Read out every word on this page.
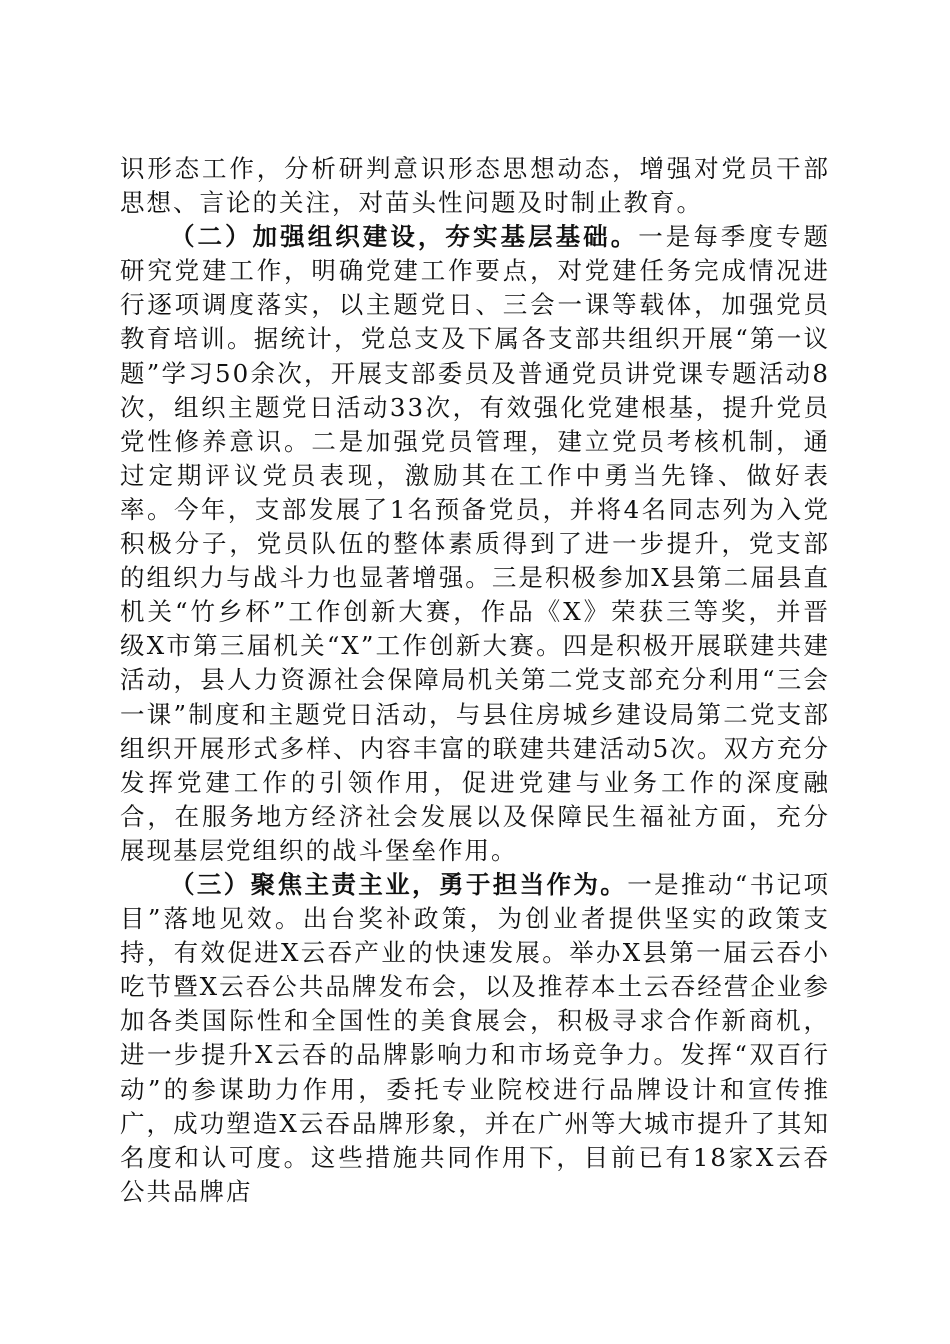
识形态工作，分析研判意识形态思想动态，增强对党员干部思想、言论的关注，对苗头性问题及时制止教育。

（二）加强组织建设，夯实基层基础。一是每季度专题研究党建工作，明确党建工作要点，对党建任务完成情况进行逐项调度落实，以主题党日、三会一课等载体，加强党员教育培训。据统计，党总支及下属各支部共组织开展“第一议题”学习50余次，开展支部委员及普通党员讲党课专题活动8次，组织主题党日活动33次，有效强化党建根基，提升党员党性修养意识。二是加强党员管理，建立党员考核机制，通过定期评议党员表现，激励其在工作中勇当先锋、做好表率。今年，支部发展了1名预备党员，并将4名同志列为入党积极分子，党员队伍的整体素质得到了进一步提升，党支部的组织力与战斗力也显著增强。三是积极参加X县第二届县直机关“竹乡杯”工作创新大赛，作品《X》荣获三等奖，并晋级X市第三届机关“X”工作创新大赛。四是积极开展联建共建活动，县人力资源社会保障局机关第二党支部充分利用“三会一课”制度和主题党日活动，与县住房城乡建设局第二党支部组织开展形式多样、内容丰富的联建共建活动5次。双方充分发挥党建工作的引领作用，促进党建与业务工作的深度融合，在服务地方经济社会发展以及保障民生福祉方面，充分展现基层党组织的战斗堡垒作用。

（三）聚焦主责主业，勇于担当作为。一是推动“书记项目”落地见效。出台奖补政策，为创业者提供坚实的政策支持，有效促进X云吞产业的快速发展。举办X县第一届云吞小吃节暨X云吞公共品牌发布会，以及推荐本土云吞经营企业参加各类国际性和全国性的美食展会，积极寻求合作新商机，进一步提升X云吞的品牌影响力和市场竞争力。发挥“双百行动”的参谋助力作用，委托专业院校进行品牌设计和宣传推广，成功塑造X云吞品牌形象，并在广州等大城市提升了其知名度和认可度。这些措施共同作用下，目前已有18家X云吞公共品牌店
